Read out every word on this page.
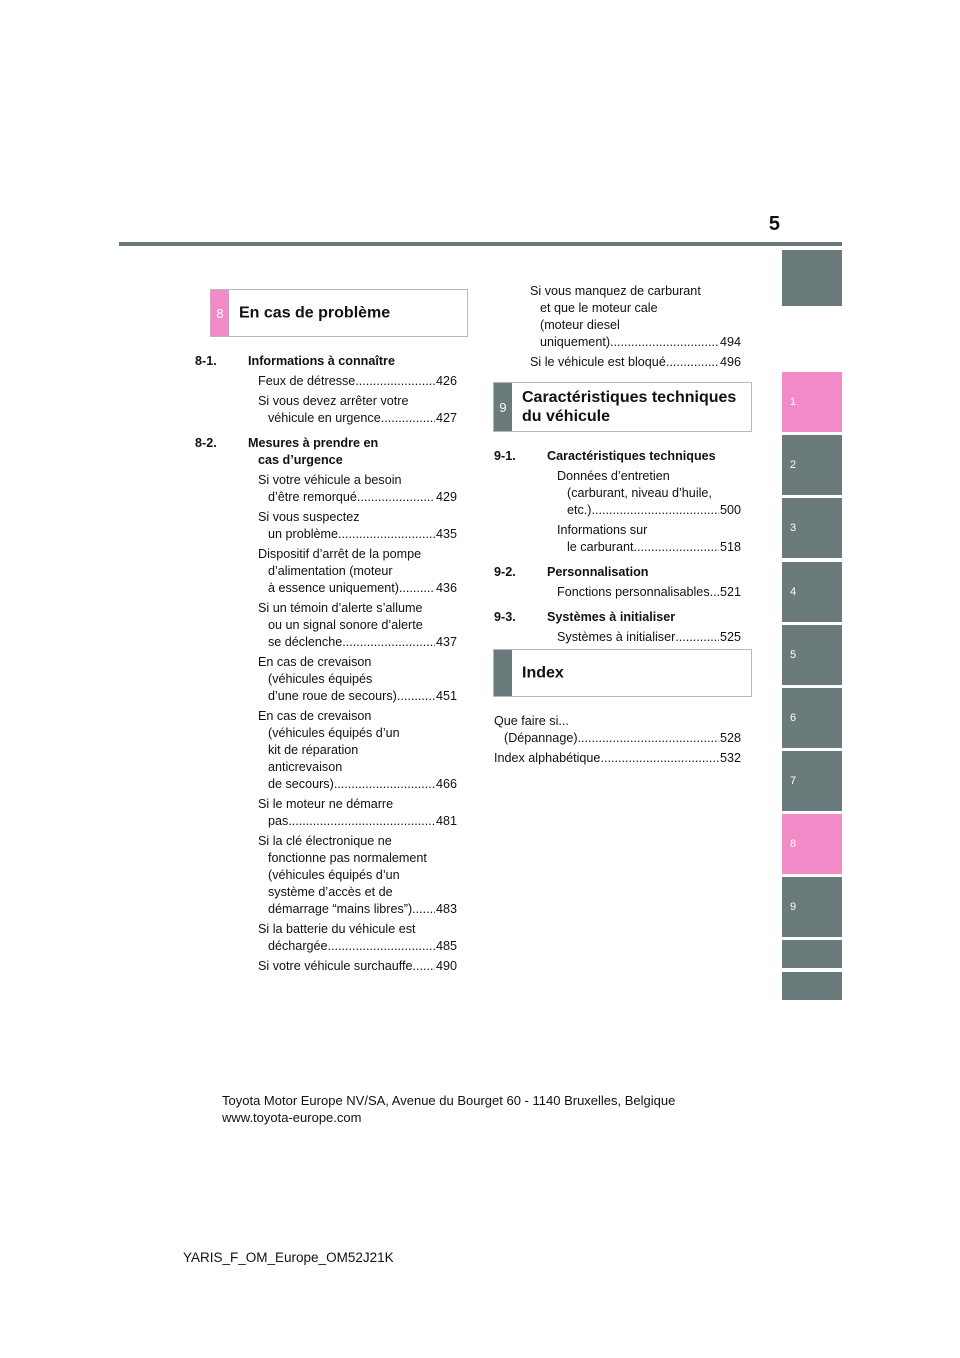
5
1
2
3
4
5
6
7
8
9
8 En cas de problème
8-1. Informations à connaître
Feux de détresse .....	426
Si vous devez arrêter votre
véhicule en urgence .....	427
8-2. Mesures à prendre en
cas d’urgence
Si votre véhicule a besoin
d’être remorqué .....	429
Si vous suspectez
un problème .....	435
Dispositif d’arrêt de la pompe
d’alimentation (moteur
à essence uniquement) .....	436
Si un témoin d’alerte s’allume
ou un signal sonore d’alerte
se déclenche .....	437
En cas de crevaison
(véhicules équipés
d’une roue de secours) .....	451
En cas de crevaison
(véhicules équipés d’un
kit de réparation
anticrevaison
de secours) .....	466
Si le moteur ne démarre
pas .....	481
Si la clé électronique ne
fonctionne pas normalement
(véhicules équipés d’un
système d’accès et de
démarrage “mains libres”) ..... 483
Si la batterie du véhicule est
déchargée .....	485
Si votre véhicule surchauffe ..... 490
Si vous manquez de carburant
et que le moteur cale
(moteur diesel
uniquement) .....	494
Si le véhicule est bloqué .....	496
9
Caractéristiques techniques du véhicule
9-1. Caractéristiques techniques
Données d’entretien
(carburant, niveau d’huile,
etc.) .....	500
Informations sur
le carburant .....	518
9-2. Personnalisation
Fonctions personnalisables ..... 521
9-3. Systèmes à initialiser
Systèmes à initialiser .....	525
Index
Que faire si...
(Dépannage) .....	528
Index alphabétique .....	532
Toyota Motor Europe NV/SA, Avenue du Bourget 60 - 1140 Bruxelles, Belgique
www.toyota-europe.com
YARIS_F_OM_Europe_OM52J21K
